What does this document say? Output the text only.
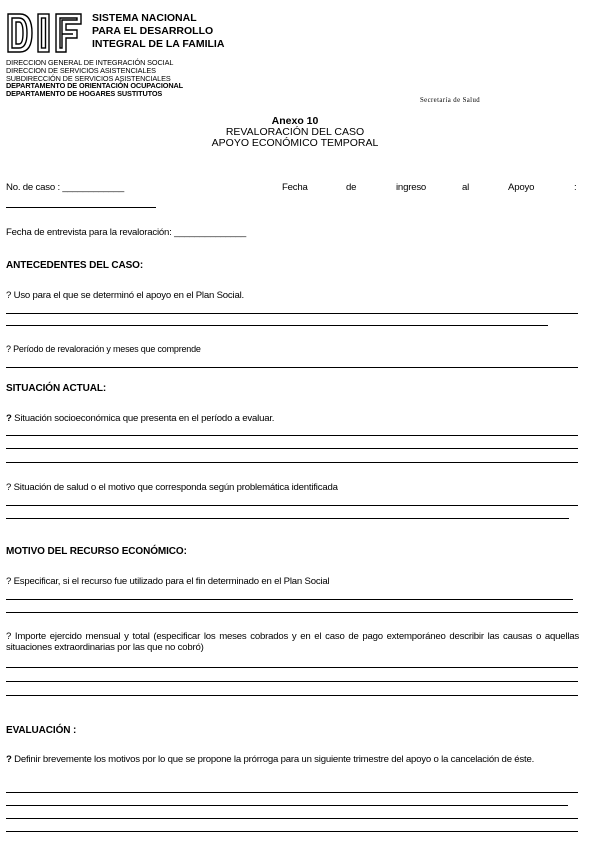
SISTEMA NACIONAL
PARA EL DESARROLLO
INTEGRAL DE LA FAMILIA
DIRECCION GENERAL DE INTEGRACIÓN SOCIAL
DIRECCION DE SERVICIOS ASISTENCIALES
SUBDIRECCIÓN DE SERVICIOS ASISTENCIALES
DEPARTAMENTO DE ORIENTACIÓN OCUPACIONAL
DEPARTAMENTO DE HOGARES SUSTITUTOS
Secretaría de Salud
Anexo 10
REVALORACIÓN DEL CASO
APOYO ECONÓMICO TEMPORAL
No. de caso : ____________	Fecha	de	ingreso	al	Apoyo	:
Fecha de entrevista para la revaloración: ______________
ANTECEDENTES DEL CASO:
? Uso para el que se determinó el apoyo en el Plan Social.
? Período de revaloración y meses que comprende
SITUACIÓN ACTUAL:
? Situación socioeconómica que presenta en el período a evaluar.
? Situación de salud o el motivo que corresponda según problemática identificada
MOTIVO DEL RECURSO ECONÓMICO:
? Especificar, si el recurso fue utilizado para el fin determinado en el Plan Social
? Importe ejercido mensual y total (especificar los meses cobrados y en el caso de pago extemporáneo describir las causas o aquellas situaciones extraordinarias por las que no cobró)
EVALUACIÓN :
? Definir brevemente los motivos por lo que se propone la prórroga para un siguiente trimestre del apoyo o la cancelación de éste.
